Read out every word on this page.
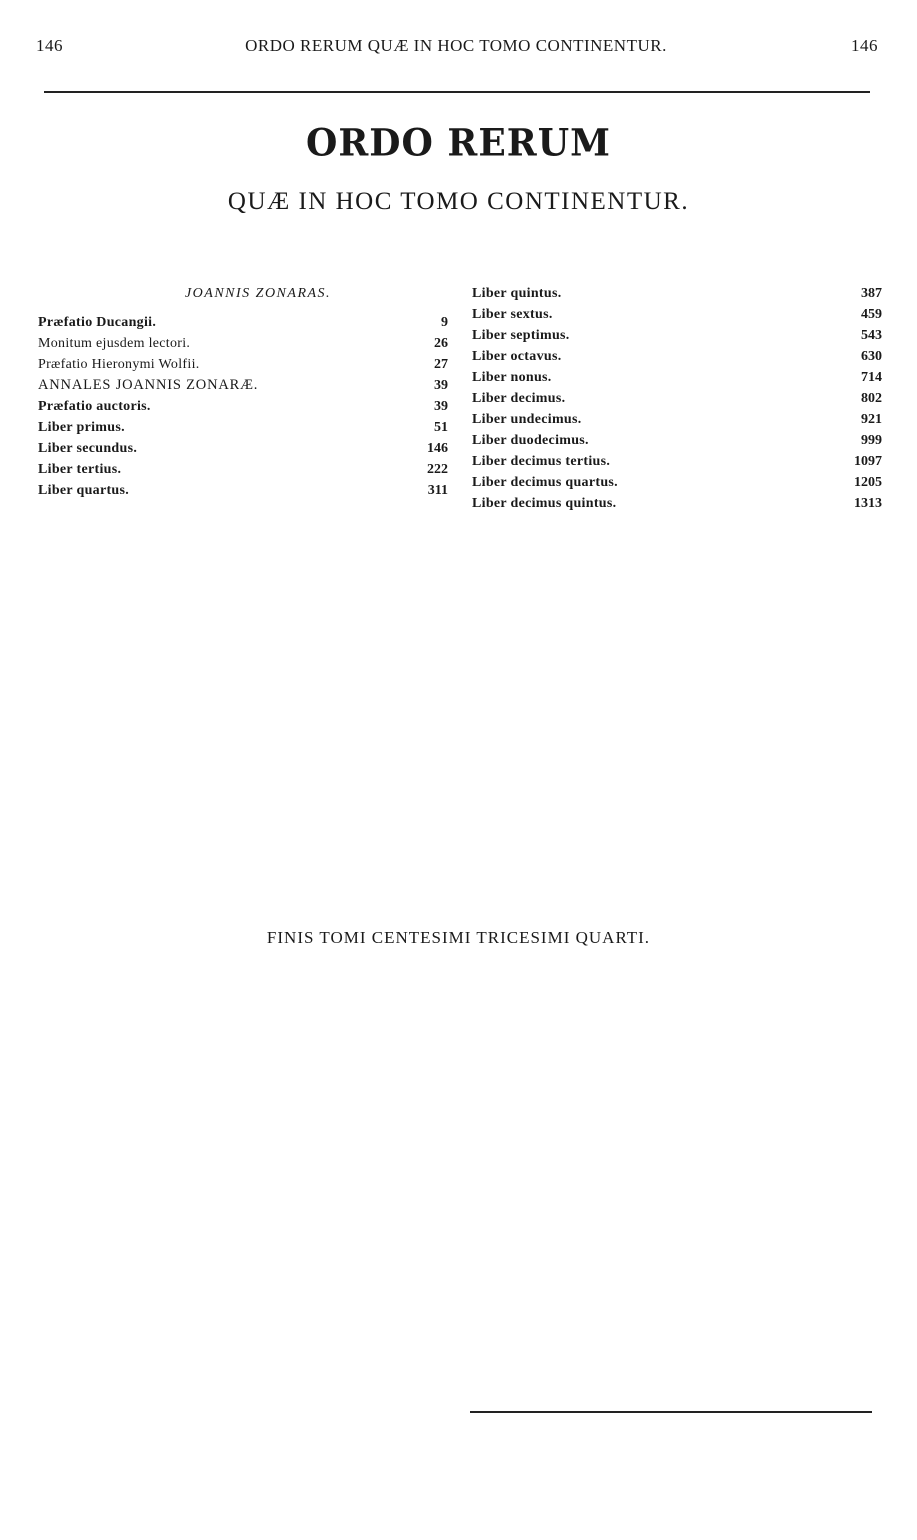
146	ORDO RERUM QUÆ IN HOC TOMO CONTINENTUR.	146
ORDO RERUM
QUÆ IN HOC TOMO CONTINENTUR.
JOANNIS ZONARAS.
Præfatio Ducangii.	9
Monitum ejusdem lectori.	26
Præfatio Hieronymi Wolfii.	27
ANNALES JOANNIS ZONARÆ.	39
Præfatio auctoris.	39
Liber primus.	51
Liber secundus.	146
Liber tertius.	222
Liber quartus.	311
Liber quintus.	387
Liber sextus.	459
Liber septimus.	543
Liber octavus.	630
Liber nonus.	714
Liber decimus.	802
Liber undecimus.	921
Liber duodecimus.	999
Liber decimus tertius.	1097
Liber decimus quartus.	1205
Liber decimus quintus.	1313
FINIS TOMI CENTESIMI TRICESIMI QUARTI.
